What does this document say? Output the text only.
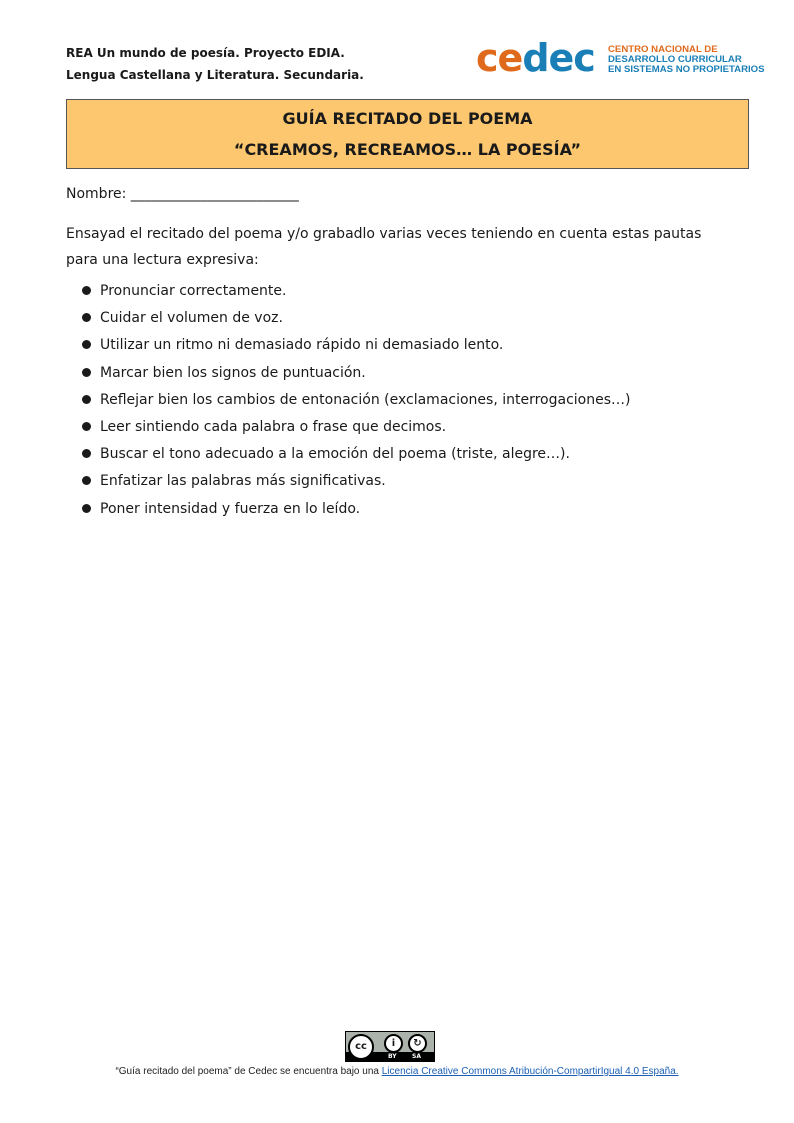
REA Un mundo de poesía. Proyecto EDIA.
Lengua Castellana y Literatura. Secundaria.	cedec CENTRO NACIONAL DE
DESARROLLO CURRICULAR
EN SISTEMAS NO PROPIETARIOS
GUÍA RECITADO DEL POEMA
“CREAMOS, RECREAMOS… LA POESÍA”
Nombre: ________________________
Ensayad el recitado del poema y/o grabadlo varias veces teniendo en cuenta estas pautas para una lectura expresiva:
Pronunciar correctamente.
Cuidar el volumen de voz.
Utilizar un ritmo ni demasiado rápido ni demasiado lento.
Marcar bien los signos de puntuación.
Reflejar bien los cambios de entonación (exclamaciones, interrogaciones…)
Leer sintiendo cada palabra o frase que decimos.
Buscar el tono adecuado a la emoción del poema (triste, alegre…).
Enfatizar las palabras más significativas.
Poner intensidad y fuerza en lo leído.
cc	i	↻
BY	SA
“Guía recitado del poema” de Cedec se encuentra bajo una Licencia Creative Commons Atribución-CompartirIgual 4.0 España.
